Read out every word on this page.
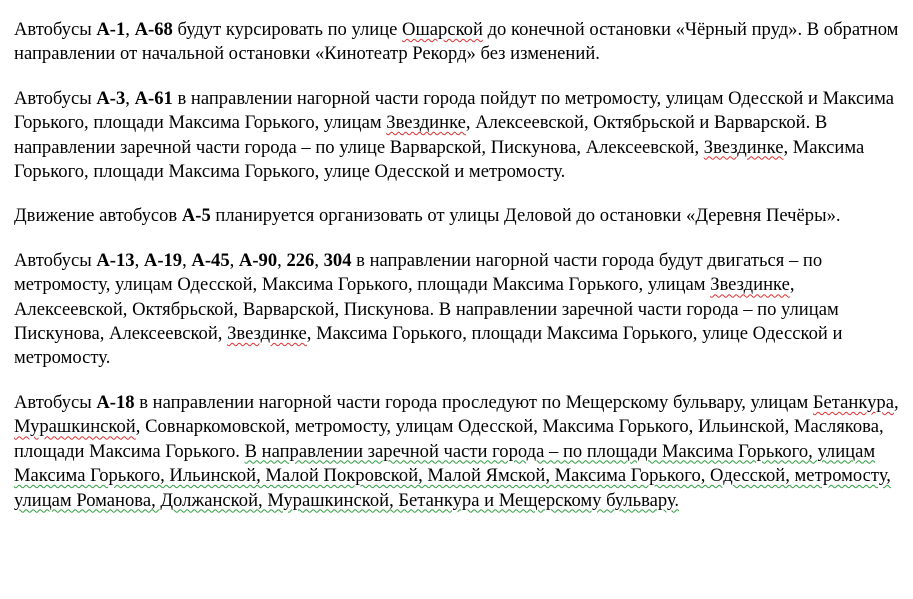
Автобусы А-1, А-68 будут курсировать по улице Ошарской до конечной остановки «Чёрный пруд». В обратном направлении от начальной остановки «Кинотеатр Рекорд» без изменений.

Автобусы А-3, А-61 в направлении нагорной части города пойдут по метромосту, улицам Одесской и Максима Горького, площади Максима Горького, улицам Звездинке, Алексеевской, Октябрьской и Варварской. В направлении заречной части города – по улице Варварской, Пискунова, Алексеевской, Звездинке, Максима Горького, площади Максима Горького, улице Одесской и метромосту.

Движение автобусов А-5 планируется организовать от улицы Деловой до остановки «Деревня Печёры».

Автобусы А-13, А-19, А-45, А-90, 226, 304 в направлении нагорной части города будут двигаться – по метромосту, улицам Одесской, Максима Горького, площади Максима Горького, улицам Звездинке, Алексеевской, Октябрьской, Варварской, Пискунова. В направлении заречной части города – по улицам Пискунова, Алексеевской, Звездинке, Максима Горького, площади Максима Горького, улице Одесской и метромосту.

Автобусы А-18 в направлении нагорной части города проследуют по Мещерскому бульвару, улицам Бетанкура, Мурашкинской, Совнаркомовской, метромосту, улицам Одесской, Максима Горького, Ильинской, Маслякова, площади Максима Горького. В направлении заречной части города – по площади Максима Горького, улицам Максима Горького, Ильинской, Малой Покровской, Малой Ямской, Максима Горького, Одесской, метромосту, улицам Романова, Должанской, Мурашкинской, Бетанкура и Мещерскому бульвару.
